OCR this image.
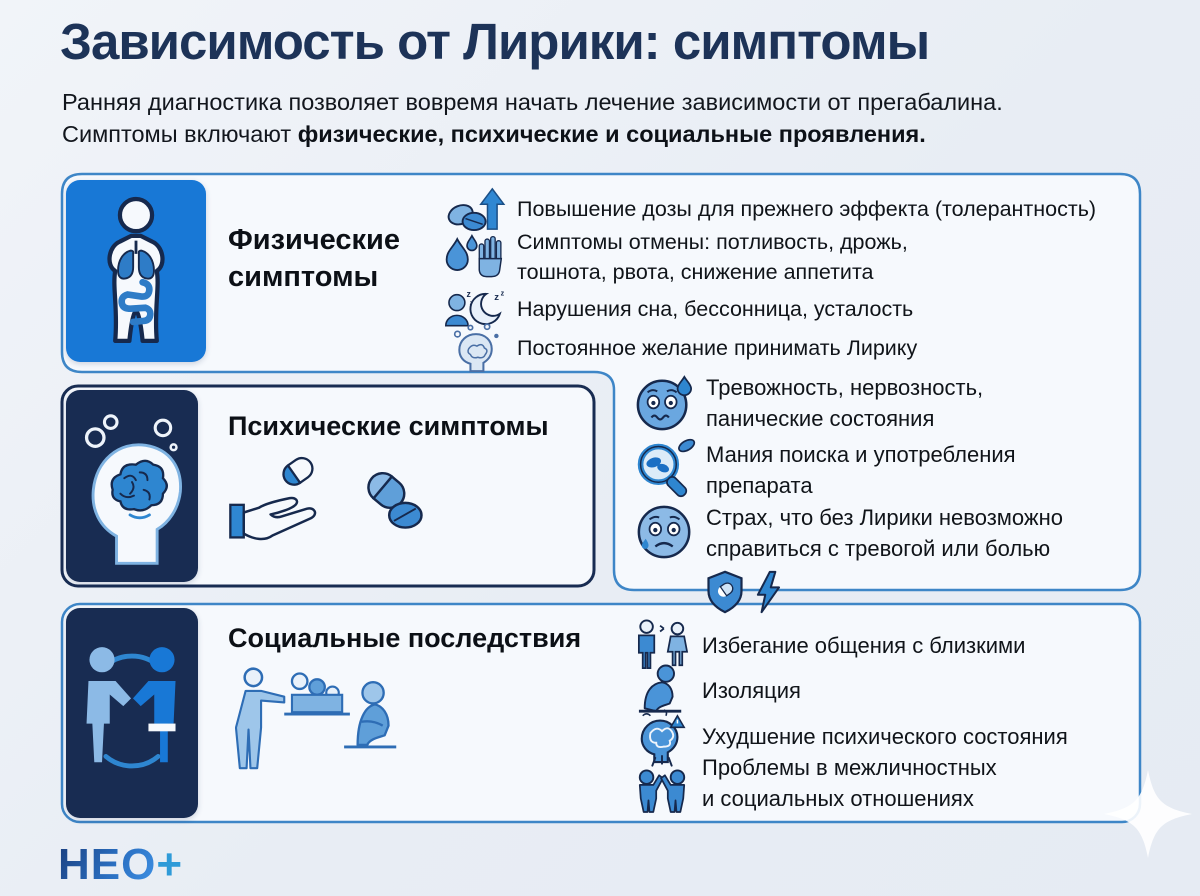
Зависимость от Лирики: симптомы
Ранняя диагностика позволяет вовремя начать лечение зависимости от прегабалина.
Симптомы включают физические, психические и социальные проявления.
Физические симптомы
Повышение дозы для прежнего эффекта (толерантность)
Симптомы отмены: потливость, дрожь,
тошнота, рвота, снижение аппетита
z z z
Нарушения сна, бессонница, усталость
Постоянное желание принимать Лирику
Психические симптомы
Тревожность, нервозность,
панические состояния
Мания поиска и употребления
препарата
Страх, что без Лирики невозможно
справиться с тревогой или болью
Социальные последствия	Избегание общения с близкими
Изоляция
Ухудшение психического состояния
Проблемы в межличностных
и социальных отношениях
НЕО+
